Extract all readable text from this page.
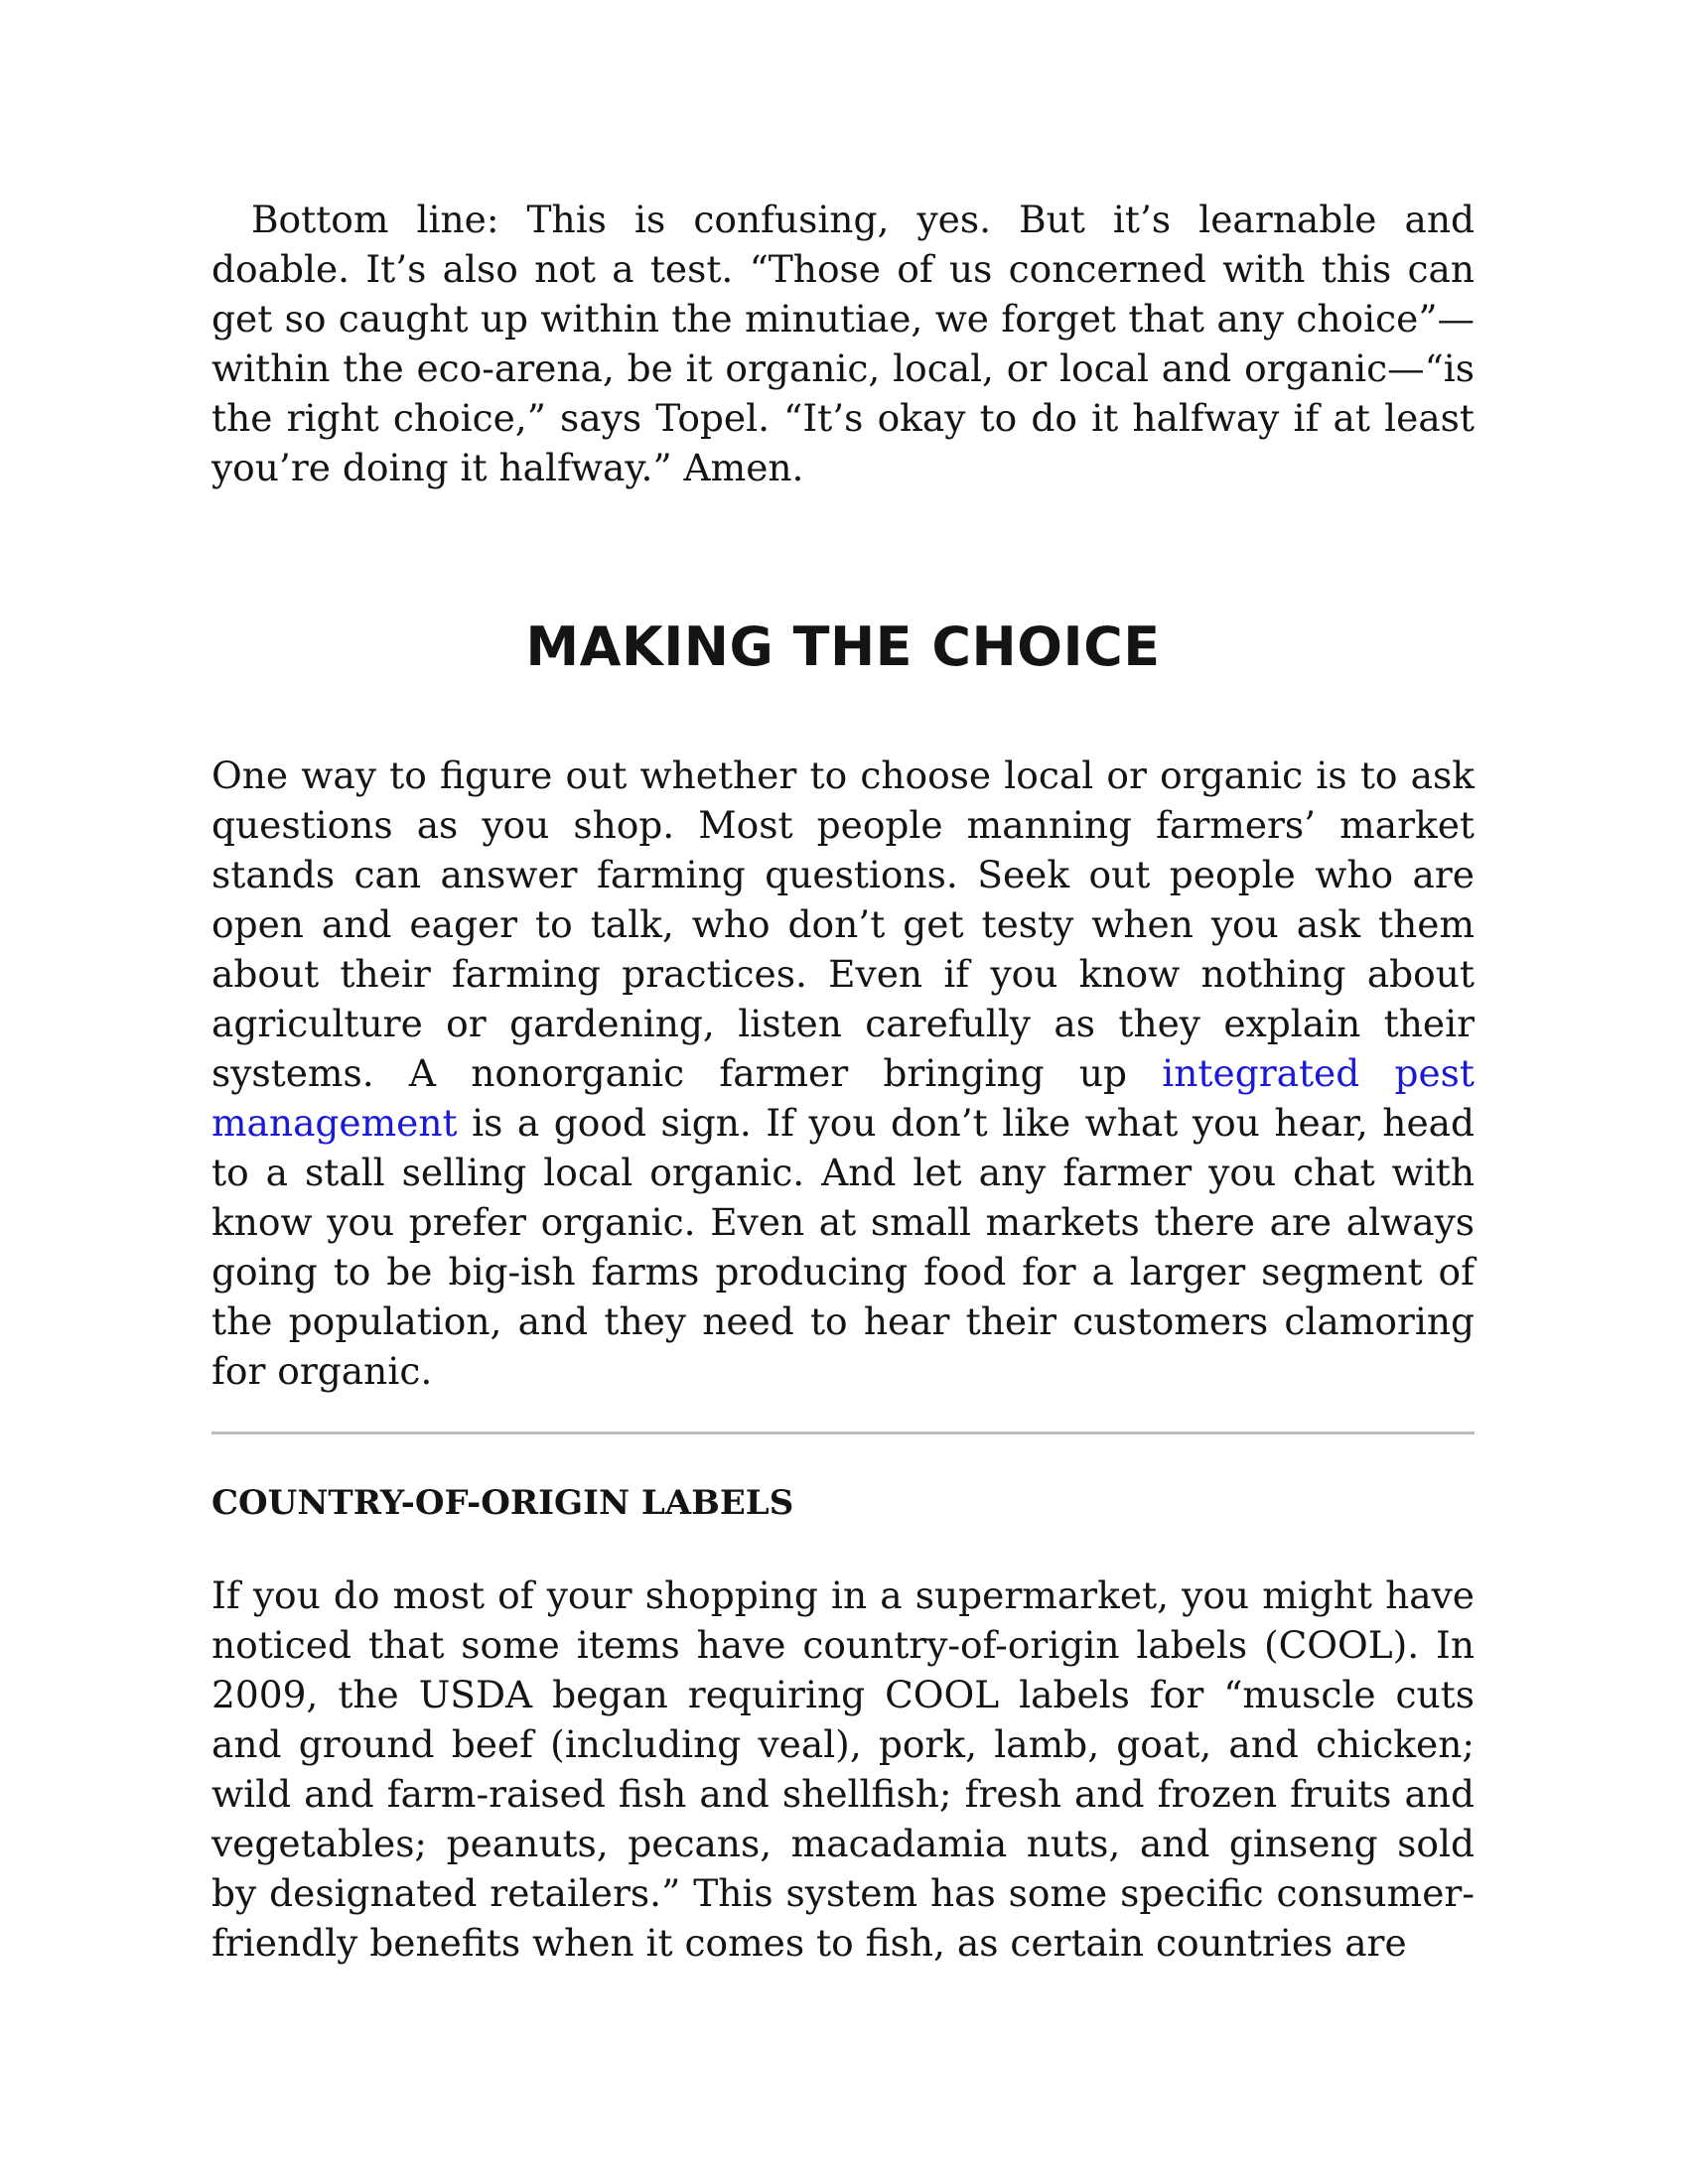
Bottom line: This is confusing, yes. But it’s learnable and doable. It’s also not a test. “Those of us concerned with this can get so caught up within the minutiae, we forget that any choice”—within the eco-arena, be it organic, local, or local and organic—“is the right choice,” says Topel. “It’s okay to do it halfway if at least you’re doing it halfway.” Amen.

MAKING THE CHOICE

One way to figure out whether to choose local or organic is to ask questions as you shop. Most people manning farmers’ market stands can answer farming questions. Seek out people who are open and eager to talk, who don’t get testy when you ask them about their farming practices. Even if you know nothing about agriculture or gardening, listen carefully as they explain their systems. A nonorganic farmer bringing up integrated pest management is a good sign. If you don’t like what you hear, head to a stall selling local organic. And let any farmer you chat with know you prefer organic. Even at small markets there are always going to be big-ish farms producing food for a larger segment of the population, and they need to hear their customers clamoring for organic.

COUNTRY-OF-ORIGIN LABELS

If you do most of your shopping in a supermarket, you might have noticed that some items have country-of-origin labels (COOL). In 2009, the USDA began requiring COOL labels for “muscle cuts and ground beef (including veal), pork, lamb, goat, and chicken; wild and farm-raised fish and shellfish; fresh and frozen fruits and vegetables; peanuts, pecans, macadamia nuts, and ginseng sold by designated retailers.” This system has some specific consumer-friendly benefits when it comes to fish, as certain countries are
